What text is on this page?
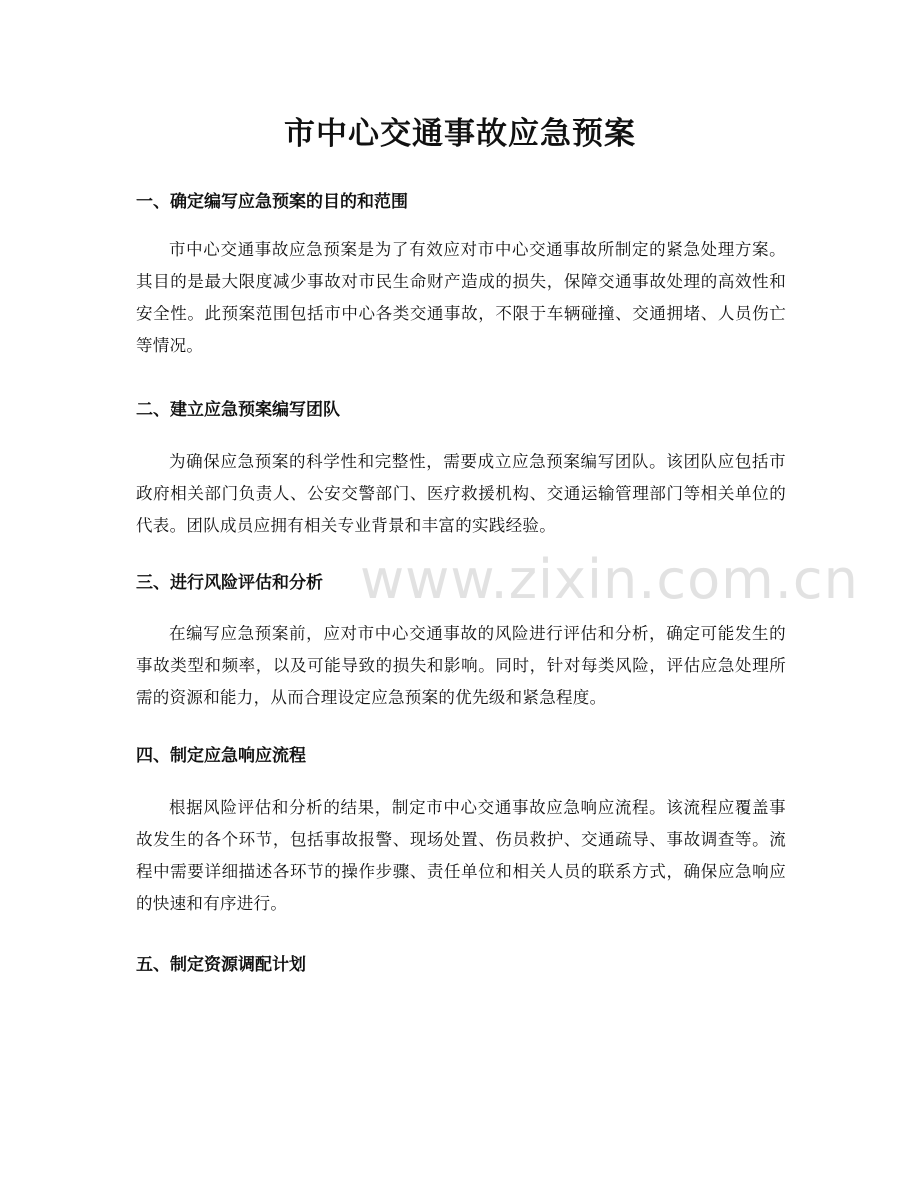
www.zixin.com.cn
市中心交通事故应急预案
一、确定编写应急预案的目的和范围

市中心交通事故应急预案是为了有效应对市中心交通事故所制定的紧急处理方案。其目的是最大限度减少事故对市民生命财产造成的损失，保障交通事故处理的高效性和安全性。此预案范围包括市中心各类交通事故，不限于车辆碰撞、交通拥堵、人员伤亡等情况。

二、建立应急预案编写团队

为确保应急预案的科学性和完整性，需要成立应急预案编写团队。该团队应包括市政府相关部门负责人、公安交警部门、医疗救援机构、交通运输管理部门等相关单位的代表。团队成员应拥有相关专业背景和丰富的实践经验。

三、进行风险评估和分析

在编写应急预案前，应对市中心交通事故的风险进行评估和分析，确定可能发生的事故类型和频率，以及可能导致的损失和影响。同时，针对每类风险，评估应急处理所需的资源和能力，从而合理设定应急预案的优先级和紧急程度。

四、制定应急响应流程

根据风险评估和分析的结果，制定市中心交通事故应急响应流程。该流程应覆盖事故发生的各个环节，包括事故报警、现场处置、伤员救护、交通疏导、事故调查等。流程中需要详细描述各环节的操作步骤、责任单位和相关人员的联系方式，确保应急响应的快速和有序进行。

五、制定资源调配计划
